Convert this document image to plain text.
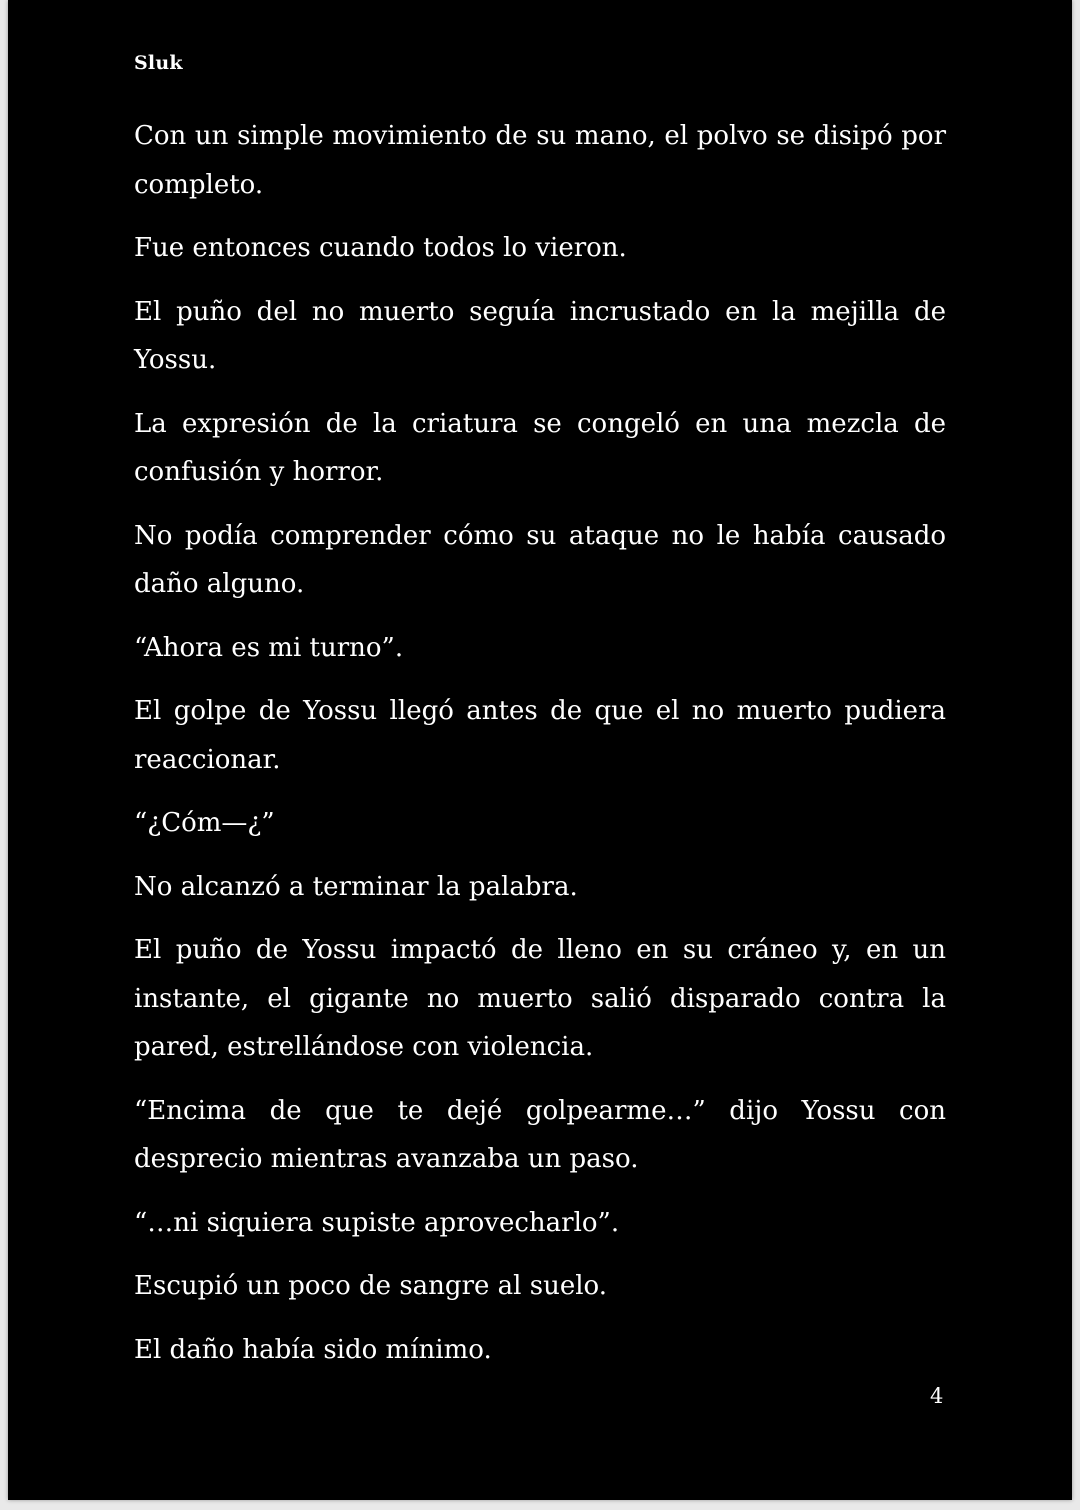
Sluk

Con un simple movimiento de su mano, el polvo se disipó por completo.

Fue entonces cuando todos lo vieron.

El puño del no muerto seguía incrustado en la mejilla de Yossu.

La expresión de la criatura se congeló en una mezcla de confusión y horror.

No podía comprender cómo su ataque no le había causado daño alguno.

“Ahora es mi turno”.

El golpe de Yossu llegó antes de que el no muerto pudiera reaccionar.

“¿Cóm—¿”

No alcanzó a terminar la palabra.

El puño de Yossu impactó de lleno en su cráneo y, en un instante, el gigante no muerto salió disparado contra la pared, estrellándose con violencia.

“Encima de que te dejé golpearme…” dijo Yossu con desprecio mientras avanzaba un paso.

“…ni siquiera supiste aprovecharlo”.

Escupió un poco de sangre al suelo.

El daño había sido mínimo.

4
